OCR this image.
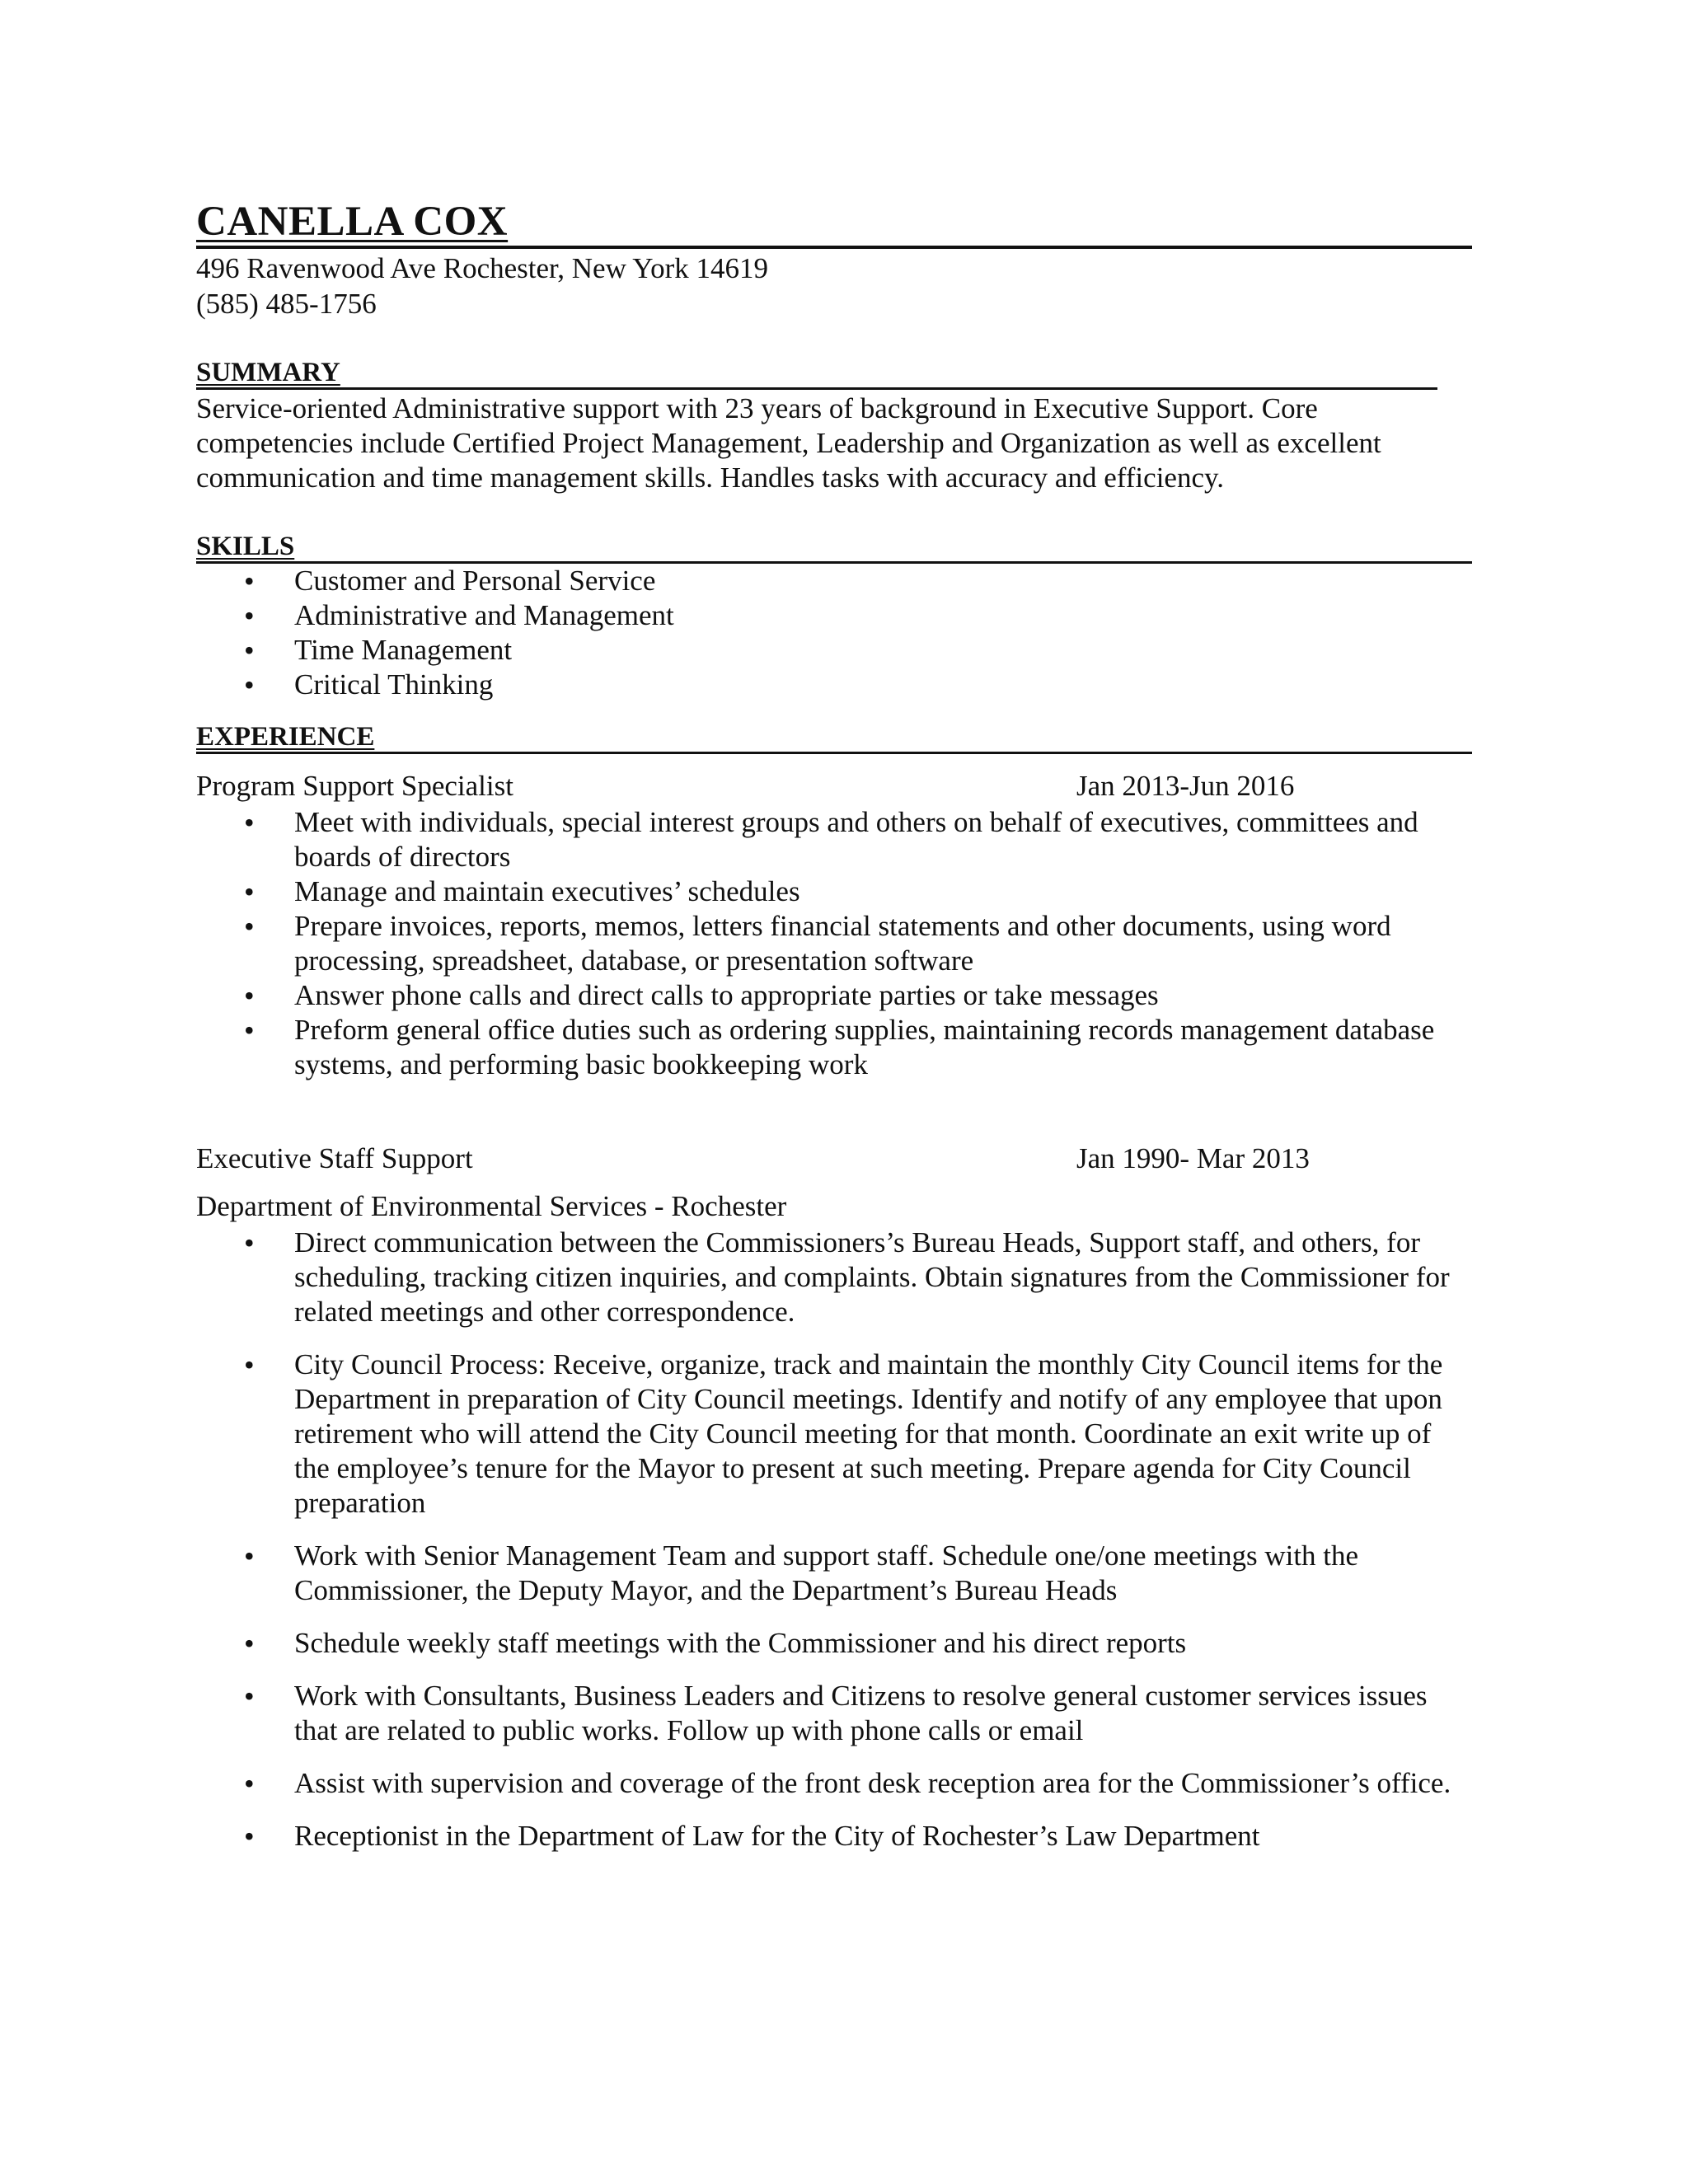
CANELLA COX
496 Ravenwood Ave Rochester, New York 14619
(585) 485-1756
SUMMARY

Service-oriented Administrative support with 23 years of background in Executive Support. Core competencies include Certified Project Management, Leadership and Organization as well as excellent communication and time management skills. Handles tasks with accuracy and efficiency.

SKILLS
• Customer and Personal Service
• Administrative and Management
• Time Management
• Critical Thinking
EXPERIENCE
Program Support Specialist	Jan 2013-Jun 2016
• Meet with individuals, special interest groups and others on behalf of executives, committees and boards of directors
• Manage and maintain executives’ schedules
• Prepare invoices, reports, memos, letters financial statements and other documents, using word processing, spreadsheet, database, or presentation software
• Answer phone calls and direct calls to appropriate parties or take messages
• Preform general office duties such as ordering supplies, maintaining records management database systems, and performing basic bookkeeping work
Executive Staff Support	Jan 1990- Mar 2013
Department of Environmental Services - Rochester
• Direct communication between the Commissioners’s Bureau Heads, Support staff, and others, for scheduling, tracking citizen inquiries, and complaints. Obtain signatures from the Commissioner for related meetings and other correspondence.
• City Council Process: Receive, organize, track and maintain the monthly City Council items for the Department in preparation of City Council meetings. Identify and notify of any employee that upon retirement who will attend the City Council meeting for that month. Coordinate an exit write up of the employee’s tenure for the Mayor to present at such meeting. Prepare agenda for City Council preparation
• Work with Senior Management Team and support staff. Schedule one/one meetings with the Commissioner, the Deputy Mayor, and the Department’s Bureau Heads
• Schedule weekly staff meetings with the Commissioner and his direct reports
• Work with Consultants, Business Leaders and Citizens to resolve general customer services issues that are related to public works. Follow up with phone calls or email
• Assist with supervision and coverage of the front desk reception area for the Commissioner’s office.
• Receptionist in the Department of Law for the City of Rochester’s Law Department
